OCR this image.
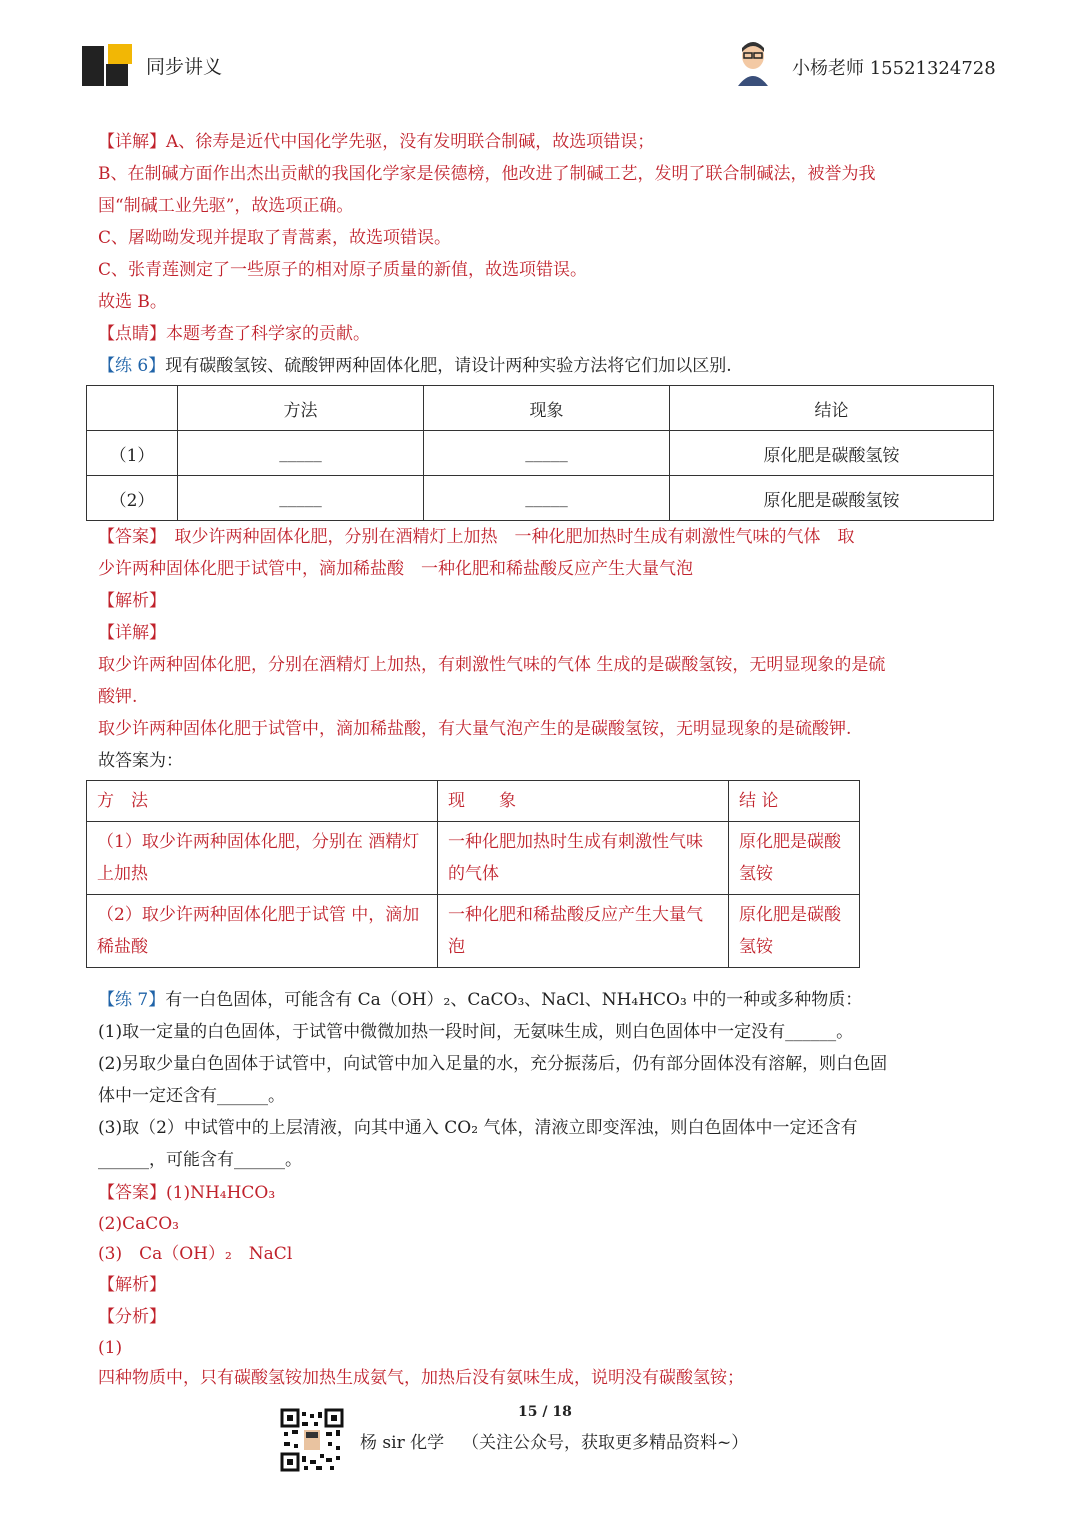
同步讲义	小杨老师 15521324728
【详解】A、徐寿是近代中国化学先驱，没有发明联合制碱，故选项错误；
B、在制碱方面作出杰出贡献的我国化学家是侯德榜，他改进了制碱工艺，发明了联合制碱法，被誉为我
国“制碱工业先驱”，故选项正确。
C、屠呦呦发现并提取了青蒿素，故选项错误。
C、张青莲测定了一些原子的相对原子质量的新值，故选项错误。
故选 B。
【点睛】本题考查了科学家的贡献。
【练 6】现有碳酸氢铵、硫酸钾两种固体化肥，请设计两种实验方法将它们加以区别.
	方法	现象	结论
（1）	_____	_____	原化肥是碳酸氢铵
（2）	_____	_____	原化肥是碳酸氢铵
【答案】　取少许两种固体化肥，分别在酒精灯上加热　一种化肥加热时生成有刺激性气味的气体　取
少许两种固体化肥于试管中，滴加稀盐酸　一种化肥和稀盐酸反应产生大量气泡
【解析】
【详解】
取少许两种固体化肥，分别在酒精灯上加热，有刺激性气味的气体 生成的是碳酸氢铵，无明显现象的是硫
酸钾.
取少许两种固体化肥于试管中，滴加稀盐酸，有大量气泡产生的是碳酸氢铵，无明显现象的是硫酸钾.
故答案为：
方　法	现　　象	结 论
（1）取少许两种固体化肥，分别在 酒精灯上加热	一种化肥加热时生成有刺激性气味的气体	原化肥是碳酸氢铵
（2）取少许两种固体化肥于试管 中，滴加稀盐酸	一种化肥和稀盐酸反应产生大量气泡	原化肥是碳酸氢铵
【练 7】有一白色固体，可能含有 Ca（OH）₂、CaCO₃、NaCl、NH₄HCO₃ 中的一种或多种物质：
(1)取一定量的白色固体，于试管中微微加热一段时间，无氨味生成，则白色固体中一定没有______。
(2)另取少量白色固体于试管中，向试管中加入足量的水，充分振荡后，仍有部分固体没有溶解，则白色固
体中一定还含有______。
(3)取（2）中试管中的上层清液，向其中通入 CO₂ 气体，清液立即变浑浊，则白色固体中一定还含有
______，可能含有______。
【答案】(1)NH₄HCO₃
(2)CaCO₃
(3)　Ca（OH）₂　NaCl
【解析】
【分析】
(1)
四种物质中，只有碳酸氢铵加热生成氨气，加热后没有氨味生成，说明没有碳酸氢铵；
15 / 18
杨 sir 化学 （关注公众号，获取更多精品资料~）
